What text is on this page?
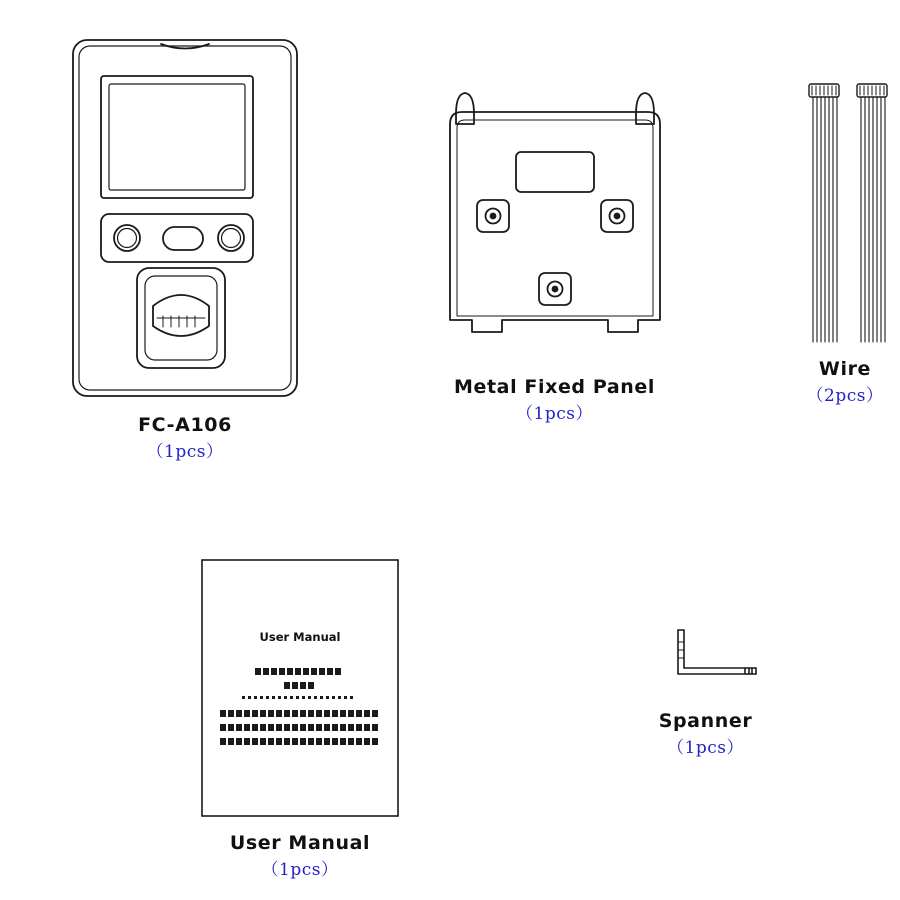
FC-A106
（1pcs）
Metal Fixed Panel
（1pcs）
Wire
（2pcs）
User Manual
User Manual
（1pcs）
Spanner
（1pcs）
